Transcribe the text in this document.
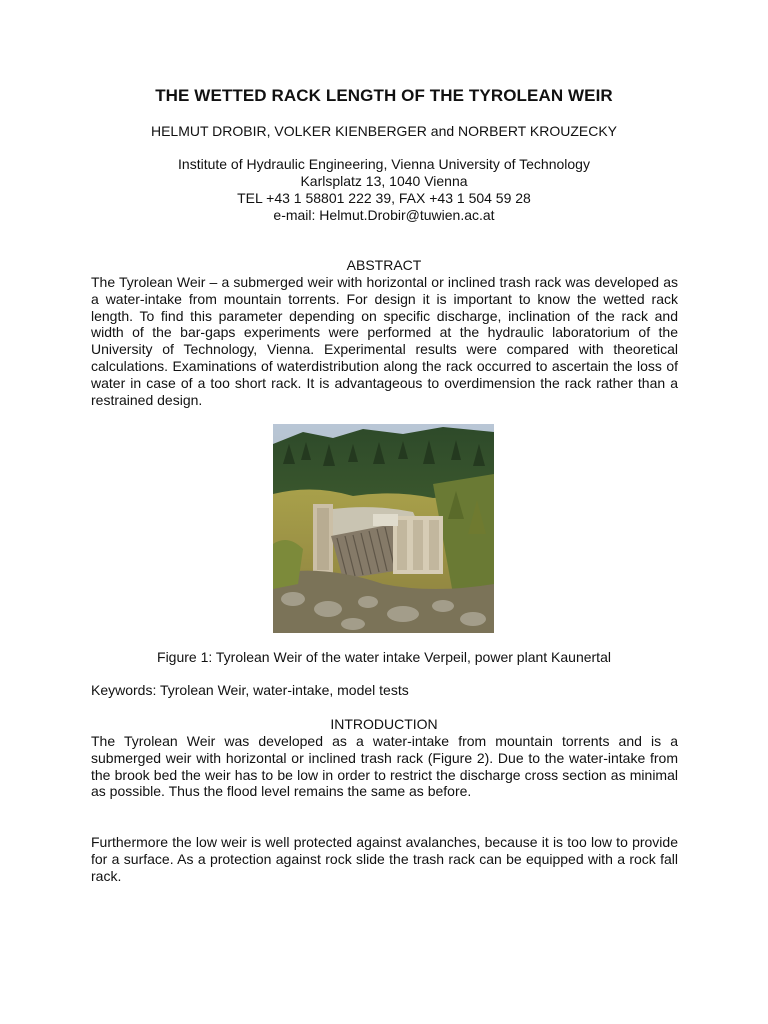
THE WETTED RACK LENGTH OF THE TYROLEAN WEIR
HELMUT DROBIR, VOLKER KIENBERGER and NORBERT KROUZECKY
Institute of Hydraulic Engineering, Vienna University of Technology
Karlsplatz 13, 1040 Vienna
TEL +43 1 58801 222 39, FAX +43 1 504 59 28
e-mail: Helmut.Drobir@tuwien.ac.at
ABSTRACT
The Tyrolean Weir – a submerged weir with horizontal or inclined trash rack was developed as a water-intake from mountain torrents. For design it is important to know the wetted rack length. To find this parameter depending on specific discharge, inclination of the rack and width of the bar-gaps experiments were performed at the hydraulic laboratorium of the University of Technology, Vienna. Experimental results were compared with theoretical calculations. Examinations of waterdistribution along the rack occurred to ascertain the loss of water in case of a too short rack. It is advantageous to overdimension the rack rather than a restrained design.
Figure 1: Tyrolean Weir of the water intake Verpeil, power plant Kaunertal
Keywords: Tyrolean Weir, water-intake, model tests
INTRODUCTION
The Tyrolean Weir was developed as a water-intake from mountain torrents and is a submerged weir with horizontal or inclined trash rack (Figure 2). Due to the water-intake from the brook bed the weir has to be low in order to restrict the discharge cross section as minimal as possible. Thus the flood level remains the same as before.
Furthermore the low weir is well protected against avalanches, because it is too low to provide for a surface. As a protection against rock slide the trash rack can be equipped with a rock fall rack.
